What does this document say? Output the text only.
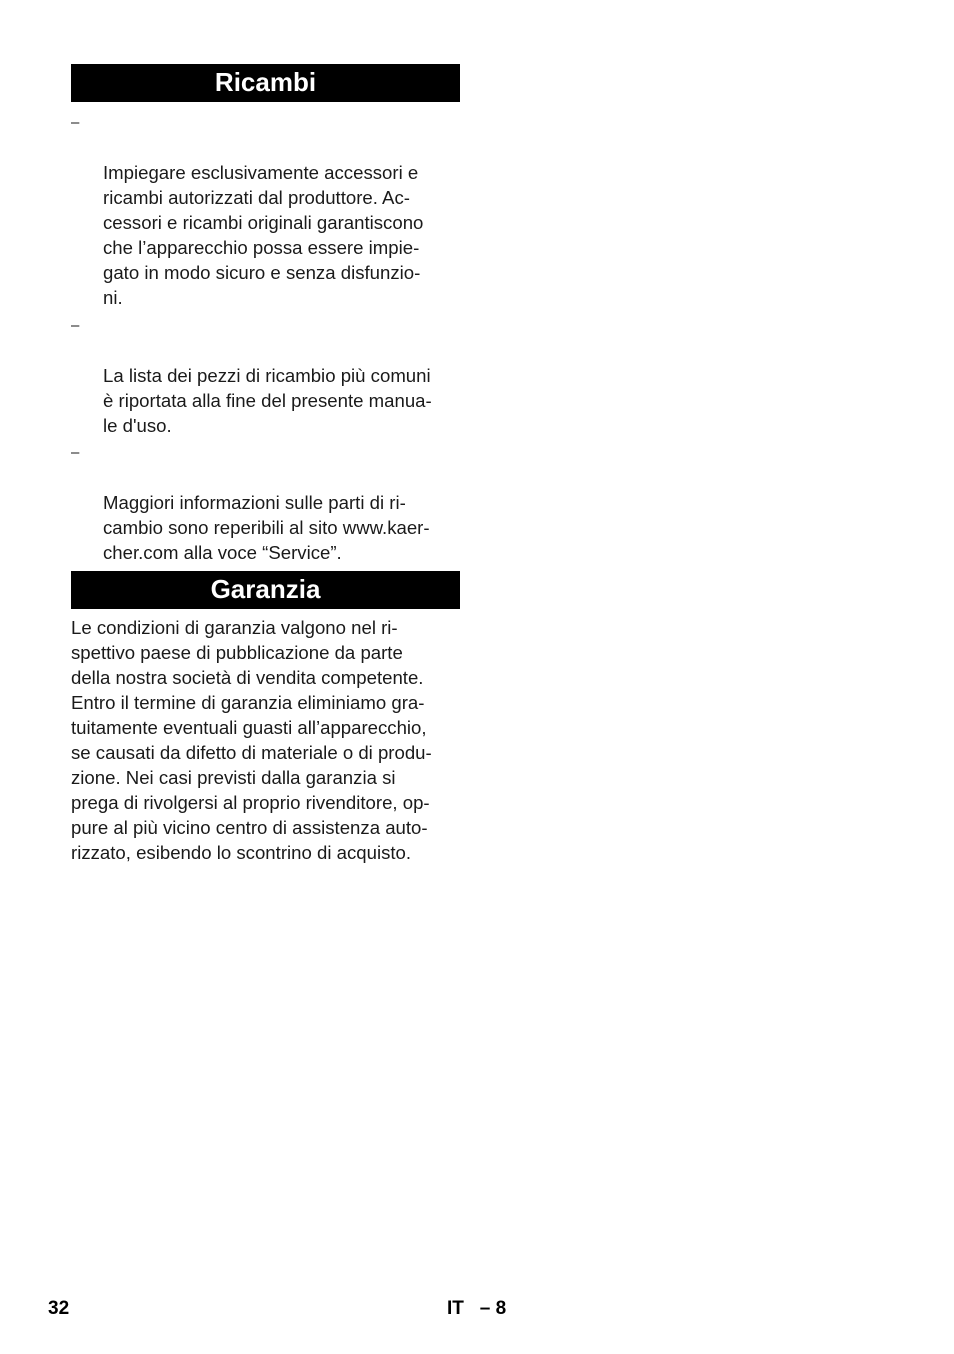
Ricambi

–

Impiegare esclusivamente accessori e
ricambi autorizzati dal produttore. Ac-
cessori e ricambi originali garantiscono
che l’apparecchio possa essere impie-
gato in modo sicuro e senza disfunzio-
ni.

–

La lista dei pezzi di ricambio più comuni
è riportata alla fine del presente manua-
le d'uso.

–

Maggiori informazioni sulle parti di ri-
cambio sono reperibili al sito www.kaer-
cher.com alla voce “Service”.

Garanzia

Le condizioni di garanzia valgono nel ri-
spettivo paese di pubblicazione da parte
della nostra società di vendita competente.
Entro il termine di garanzia eliminiamo gra-
tuitamente eventuali guasti all’apparecchio,
se causati da difetto di materiale o di produ-
zione. Nei casi previsti dalla garanzia si
prega di rivolgersi al proprio rivenditore, op-
pure al più vicino centro di assistenza auto-
rizzato, esibendo lo scontrino di acquisto.

32	IT   – 8
